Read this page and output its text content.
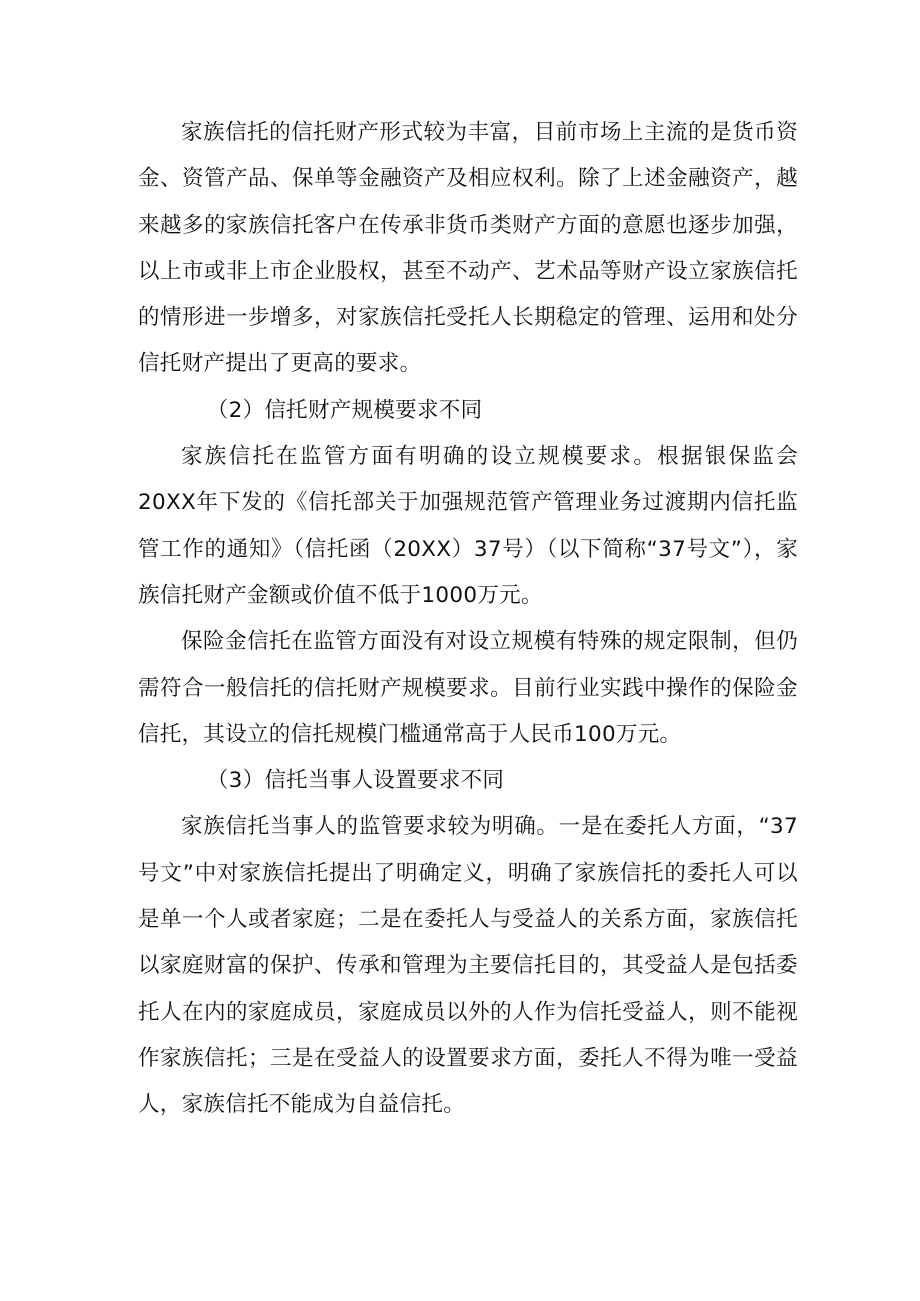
家族信托的信托财产形式较为丰富，目前市场上主流的是货币资金、资管产品、保单等金融资产及相应权利。除了上述金融资产，越来越多的家族信托客户在传承非货币类财产方面的意愿也逐步加强，以上市或非上市企业股权，甚至不动产、艺术品等财产设立家族信托的情形进一步增多，对家族信托受托人长期稳定的管理、运用和处分信托财产提出了更高的要求。

（2）信托财产规模要求不同

家族信托在监管方面有明确的设立规模要求。根据银保监会20XX年下发的《信托部关于加强规范管产管理业务过渡期内信托监管工作的通知》（信托函（20XX）37号）（以下简称“37号文”），家族信托财产金额或价值不低于1000万元。

保险金信托在监管方面没有对设立规模有特殊的规定限制，但仍需符合一般信托的信托财产规模要求。目前行业实践中操作的保险金信托，其设立的信托规模门槛通常高于人民币100万元。

（3）信托当事人设置要求不同

家族信托当事人的监管要求较为明确。一是在委托人方面，“37号文”中对家族信托提出了明确定义，明确了家族信托的委托人可以是单一个人或者家庭；二是在委托人与受益人的关系方面，家族信托以家庭财富的保护、传承和管理为主要信托目的，其受益人是包括委托人在内的家庭成员，家庭成员以外的人作为信托受益人，则不能视作家族信托；三是在受益人的设置要求方面，委托人不得为唯一受益人，家族信托不能成为自益信托。
